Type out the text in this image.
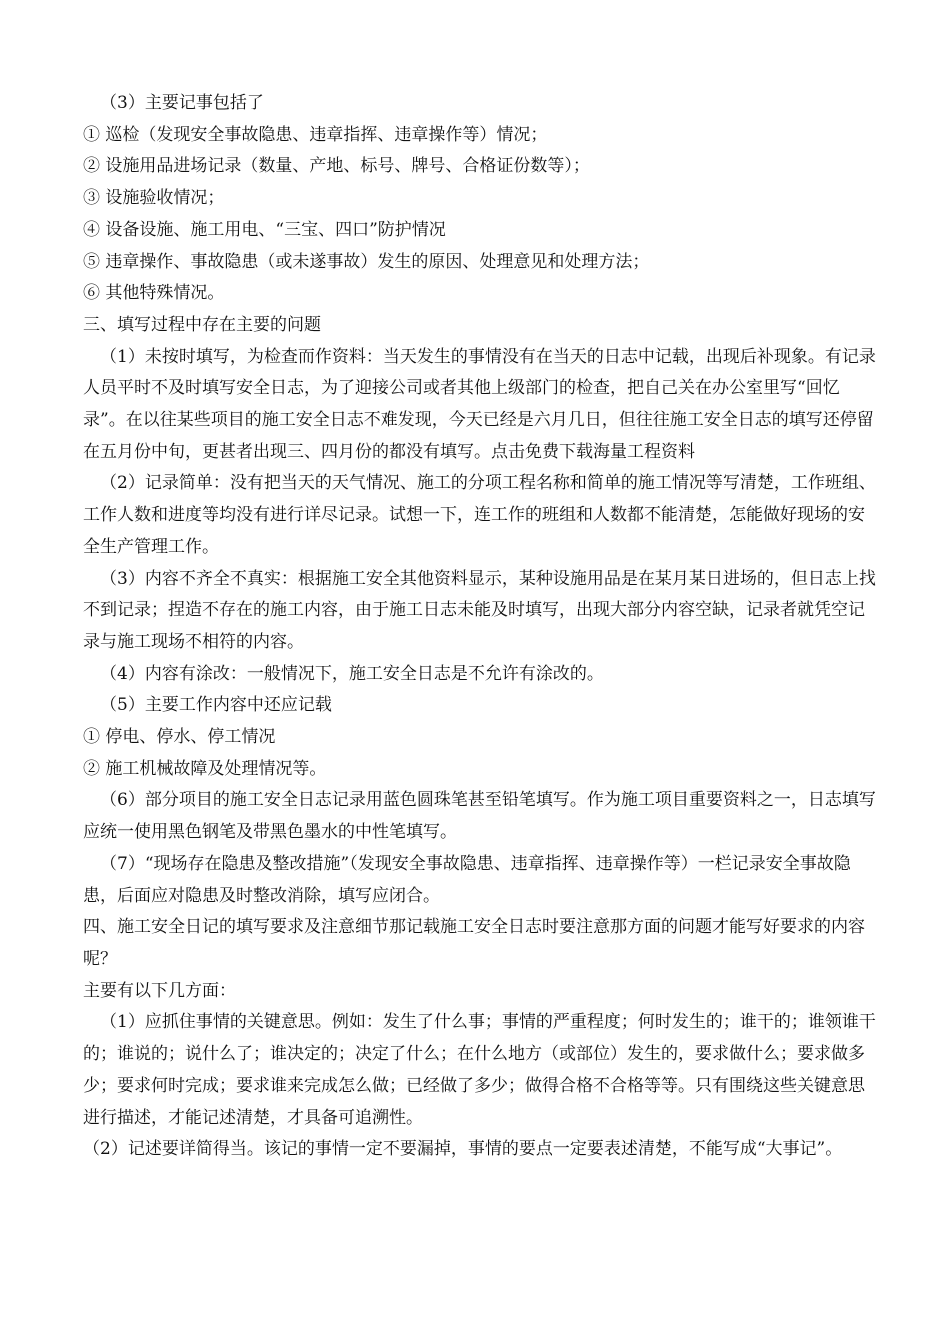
（3）主要记事包括了
① 巡检（发现安全事故隐患、违章指挥、违章操作等）情况；
② 设施用品进场记录（数量、产地、标号、牌号、合格证份数等）；
③ 设施验收情况；
④ 设备设施、施工用电、“三宝、四口”防护情况
⑤ 违章操作、事故隐患（或未遂事故）发生的原因、处理意见和处理方法；
⑥ 其他特殊情况。
三、填写过程中存在主要的问题
（1）未按时填写，为检查而作资料：当天发生的事情没有在当天的日志中记载，出现后补现象。有记录人员平时不及时填写安全日志，为了迎接公司或者其他上级部门的检查，把自己关在办公室里写“回忆录”。在以往某些项目的施工安全日志不难发现，今天已经是六月几日，但往往施工安全日志的填写还停留在五月份中旬，更甚者出现三、四月份的都没有填写。点击免费下载海量工程资料
（2）记录简单：没有把当天的天气情况、施工的分项工程名称和简单的施工情况等写清楚，工作班组、工作人数和进度等均没有进行详尽记录。试想一下，连工作的班组和人数都不能清楚，怎能做好现场的安全生产管理工作。
（3）内容不齐全不真实：根据施工安全其他资料显示，某种设施用品是在某月某日进场的，但日志上找不到记录；捏造不存在的施工内容，由于施工日志未能及时填写，出现大部分内容空缺，记录者就凭空记录与施工现场不相符的内容。
（4）内容有涂改：一般情况下，施工安全日志是不允许有涂改的。
（5）主要工作内容中还应记载
① 停电、停水、停工情况
② 施工机械故障及处理情况等。
（6）部分项目的施工安全日志记录用蓝色圆珠笔甚至铅笔填写。作为施工项目重要资料之一，日志填写应统一使用黑色钢笔及带黑色墨水的中性笔填写。
（7）“现场存在隐患及整改措施”（发现安全事故隐患、违章指挥、违章操作等）一栏记录安全事故隐患，后面应对隐患及时整改消除，填写应闭合。
四、施工安全日记的填写要求及注意细节那记载施工安全日志时要注意那方面的问题才能写好要求的内容呢？
主要有以下几方面：
（1）应抓住事情的关键意思。例如：发生了什么事；事情的严重程度；何时发生的；谁干的；谁领谁干的；谁说的；说什么了；谁决定的；决定了什么；在什么地方（或部位）发生的，要求做什么；要求做多少；要求何时完成；要求谁来完成怎么做；已经做了多少；做得合格不合格等等。只有围绕这些关键意思进行描述，才能记述清楚，才具备可追溯性。
（2）记述要详简得当。该记的事情一定不要漏掉，事情的要点一定要表述清楚，不能写成“大事记”。
